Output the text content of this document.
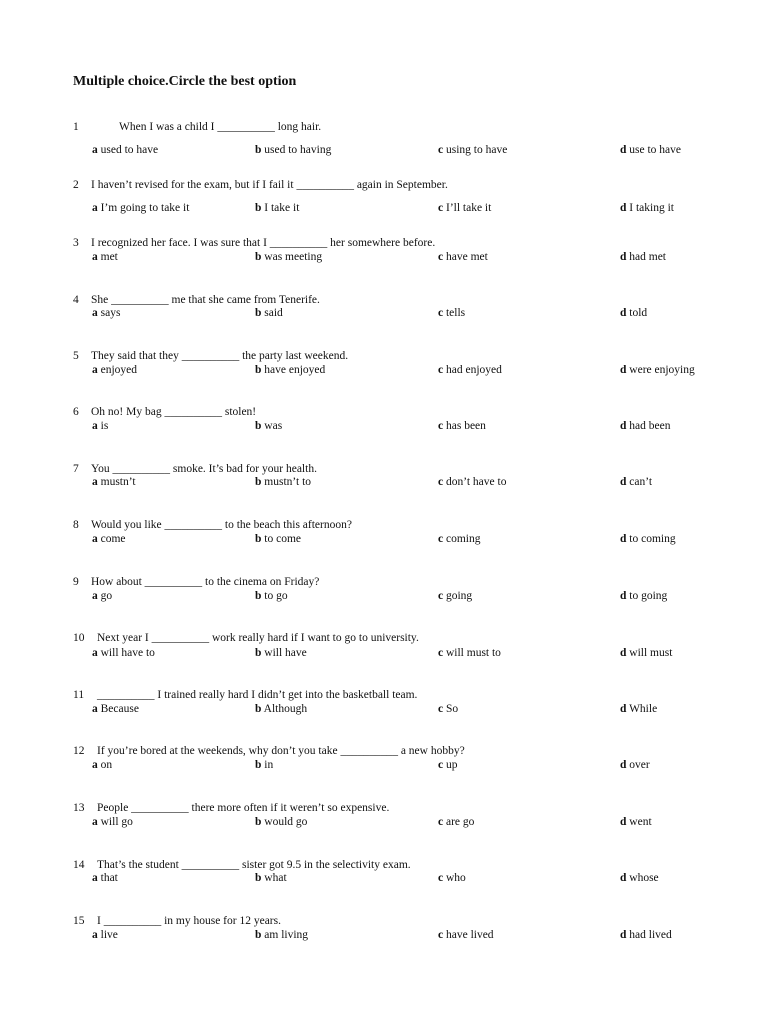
Multiple choice.Circle the best option
1	When I was a child I __________ long hair.
a used to have	b used to having	c using to have	d use to have
2 I haven’t revised for the exam, but if I fail it __________ again in September.
a I’m going to take it	b I take it	c I’ll take it	d I taking it
3 I recognized her face. I was sure that I __________ her somewhere before.
a met	b was meeting	c have met	d had met
4 She __________ me that she came from Tenerife.
a says	b said	c tells	d told
5 They said that they __________ the party last weekend.
a enjoyed	b have enjoyed	c had enjoyed	d were enjoying
6 Oh no! My bag __________ stolen!
a is	b was	c has been	d had been
7 You __________ smoke. It’s bad for your health.
a mustn’t	b mustn’t to	c don’t have to	d can’t
8 Would you like __________ to the beach this afternoon?
a come	b to come	c coming	d to coming
9 How about __________ to the cinema on Friday?
a go	b to go	c going	d to going
10 Next year I __________ work really hard if I want to go to university.
a will have to	b will have	c will must to	d will must
11 __________ I trained really hard I didn’t get into the basketball team.
a Because	b Although	c So	d While
12 If you’re bored at the weekends, why don’t you take __________ a new hobby?
a on	b in	c up	d over
13 People __________ there more often if it weren’t so expensive.
a will go	b would go	c are go	d went
14 That’s the student __________ sister got 9.5 in the selectivity exam.
a that	b what	c who	d whose
15 I __________ in my house for 12 years.
a live	b am living	c have lived	d had lived
